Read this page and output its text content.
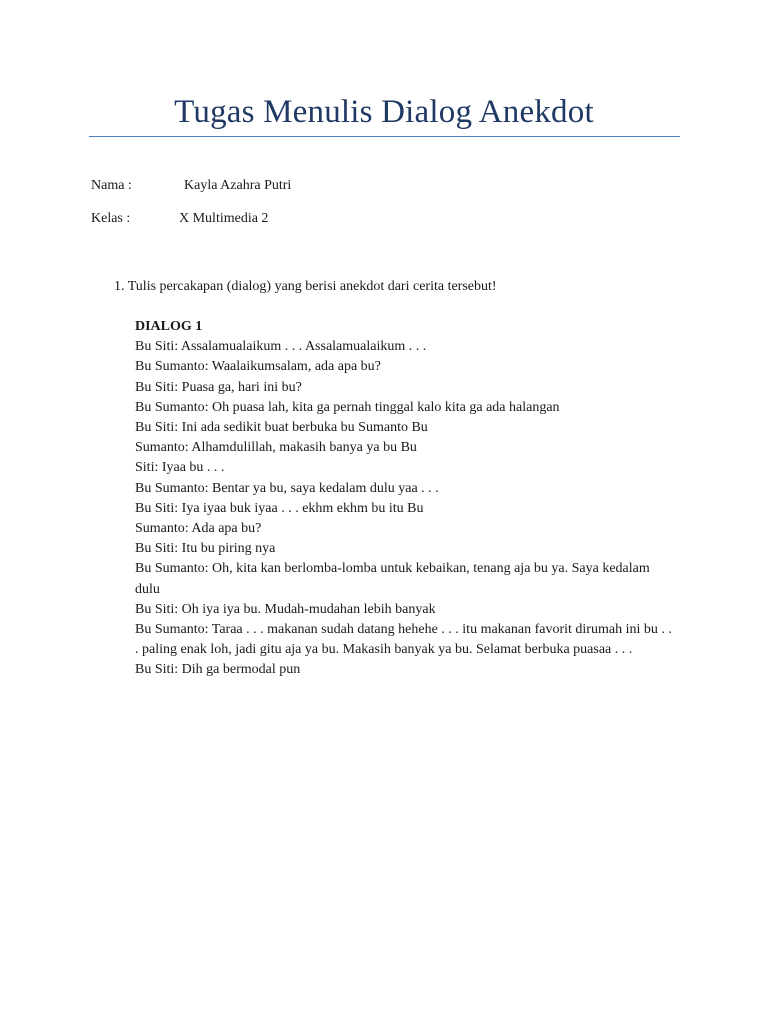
Tugas Menulis Dialog Anekdot
Nama :	Kayla Azahra Putri
Kelas :	X Multimedia 2
1. Tulis percakapan (dialog) yang berisi anekdot dari cerita tersebut!

DIALOG 1

Bu Siti: Assalamualaikum . . . Assalamualaikum . . .

Bu Sumanto: Waalaikumsalam, ada apa bu?

Bu Siti: Puasa ga, hari ini bu?

Bu Sumanto: Oh puasa lah, kita ga pernah tinggal kalo kita ga ada halangan

Bu Siti: Ini ada sedikit buat berbuka bu Sumanto Bu

Sumanto: Alhamdulillah, makasih banya ya bu Bu

Siti: Iyaa bu . . .

Bu Sumanto: Bentar ya bu, saya kedalam dulu yaa . . .

Bu Siti: Iya iyaa buk iyaa . . . ekhm ekhm bu itu Bu

Sumanto: Ada apa bu?

Bu Siti: Itu bu piring nya

Bu Sumanto: Oh, kita kan berlomba-lomba untuk kebaikan, tenang aja bu ya. Saya kedalam dulu

Bu Siti: Oh iya iya bu. Mudah-mudahan lebih banyak

Bu Sumanto: Taraa . . . makanan sudah datang hehehe . . . itu makanan favorit dirumah ini bu . . . paling enak loh, jadi gitu aja ya bu. Makasih banyak ya bu. Selamat berbuka puasaa . . .

Bu Siti: Dih ga bermodal pun
